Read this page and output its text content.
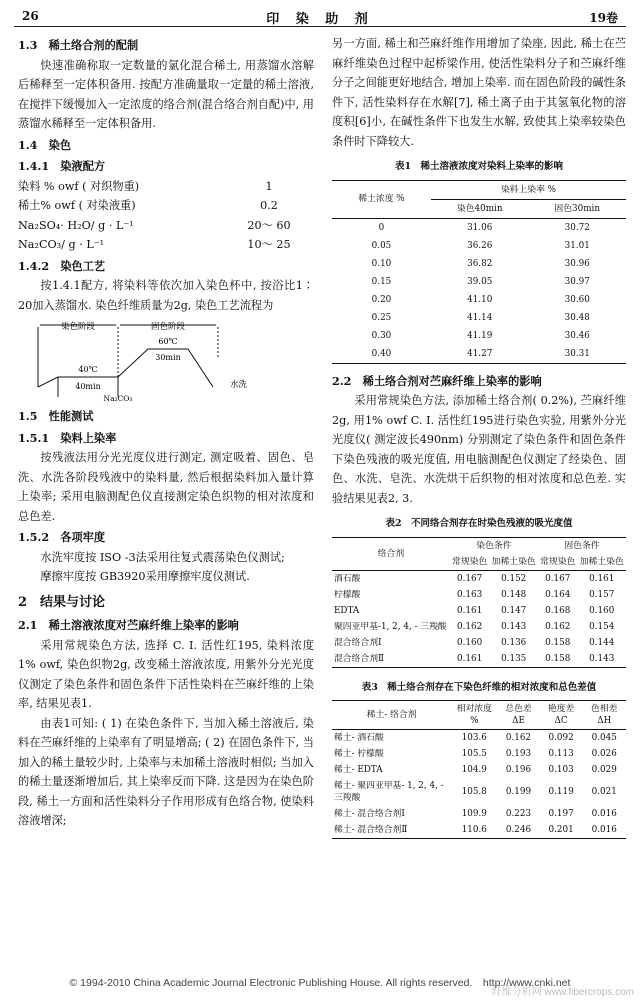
26	印 染 助 剂	19卷

1.3　稀土络合剂的配制

快速准确称取一定数量的氯化混合稀土, 用蒸馏水溶解后稀释至一定体积备用. 按配方准确量取一定量的稀土溶液, 在搅拌下缓慢加入一定浓度的络合剂(混合络合剂自配)中, 用蒸馏水稀释至一定体积备用.

1.4　染色

1.4.1　染液配方

染料 % owf ( 对织物重)	1
稀土% owf ( 对染液重)	0.2
Na₂SO₄· H₂O/ g · L⁻¹	20～ 60
Na₂CO₃/ g · L⁻¹	10～ 25

1.4.2　染色工艺

按1.4.1配方, 将染料等依次加入染色杯中, 按浴比1∶ 20加入蒸馏水. 染色纤维质量为2g, 染色工艺流程为

染色阶段	固色阶段
40℃
40min
60℃
30min
Na₂CO₃
水洗

1.5　性能测试

1.5.1　染料上染率

按残液法用分光光度仪进行测定, 测定吸着、固色、皂洗、水洗各阶段残液中的染料量, 然后根据染料加入量计算上染率; 采用电脑测配色仪直接测定染色织物的相对浓度和总色差.

1.5.2　各项牢度

水洗牢度按 ISO -3法采用往复式震荡染色仪测试;

摩擦牢度按 GB3920采用摩擦牢度仪测试.

2　结果与讨论

2.1　稀土溶液浓度对苎麻纤维上染率的影响

采用常规染色方法, 选择 C. I. 活性红195, 染料浓度1% owf, 染色织物2g, 改变稀土溶液浓度, 用紫外分光光度仪测定了染色条件和固色条件下活性染料在苎麻纤维的上染率, 结果见表1.

由表1可知: ( 1) 在染色条件下, 当加入稀土溶液后, 染料在苎麻纤维的上染率有了明显增高; ( 2) 在固色条件下, 当加入的稀土量较少时, 上染率与未加稀土溶液时相似; 当加入的稀土量逐渐增加后, 其上染率反而下降. 这是因为在染色阶段, 稀土一方面和活性染料分子作用形成有色络合物, 使染料溶液增深;

另一方面, 稀土和苎麻纤维作用增加了染座, 因此, 稀土在苎麻纤维染色过程中起桥梁作用, 使活性染料分子和苎麻纤维分子之间能更好地结合, 增加上染率. 而在固色阶段的碱性条件下, 活性染料存在水解[7], 稀土离子由于其氢氧化物的溶度积[6]小, 在碱性条件下也发生水解, 致使其上染率较染色条件时下降较大.

表1　稀土溶液浓度对染料上染率的影响
稀土浓度 %	染料上染率 %	
	染色40min	固色30min
0	31.06	30.72
0.05	36.26	31.01
0.10	36.82	30.96
0.15	39.05	30.97
0.20	41.10	30.60
0.25	41.14	30.48
0.30	41.19	30.46
0.40	41.27	30.31

2.2　稀土络合剂对苎麻纤维上染率的影响

采用常规染色方法, 添加稀土络合剂( 0.2%), 苎麻纤维2g, 用1% owf C. I. 活性红195进行染色实验, 用紫外分光光度仪( 测定波长490nm) 分别测定了染色条件和固色条件下染色残液的吸光度值, 用电脑测配色仪测定了经染色、固色、水洗、皂洗、水洗烘干后织物的相对浓度和总色差. 实验结果见表2, 3.

表2　不同络合剂存在时染色残液的吸光度值
络合剂	染色条件		固色条件	
	常规染色	加稀土染色	常规染色	加稀土染色
酒石酸	0.167	0.152	0.167	0.161
柠檬酸	0.163	0.148	0.164	0.157
EDTA	0.161	0.147	0.168	0.160
聚四亚甲基-1, 2, 4, - 三羧酸	0.162	0.143	0.162	0.154
混合络合剂Ⅰ	0.160	0.136	0.158	0.144
混合络合剂Ⅱ	0.161	0.135	0.158	0.143
表3　稀土络合剂存在下染色纤维的相对浓度和总色差值
稀土- 络合剂	相对浓度 %	总色差 ΔE	艳度差 ΔC	色相差 ΔH
稀土- 酒石酸	103.6	0.162	0.092	0.045
稀土- 柠檬酸	105.5	0.193	0.113	0.026
稀土- EDTA	104.9	0.196	0.103	0.029
稀土- 聚四亚甲基- 1, 2, 4, - 三羧酸	105.8	0.199	0.119	0.021
稀土- 混合络合剂Ⅰ	109.9	0.223	0.197	0.016
稀土- 混合络合剂Ⅱ	110.6	0.246	0.201	0.016
© 1994-2010 China Academic Journal Electronic Publishing House. All rights reserved.　http://www.cnki.net
纤维分析网 www.fibercrops.com
